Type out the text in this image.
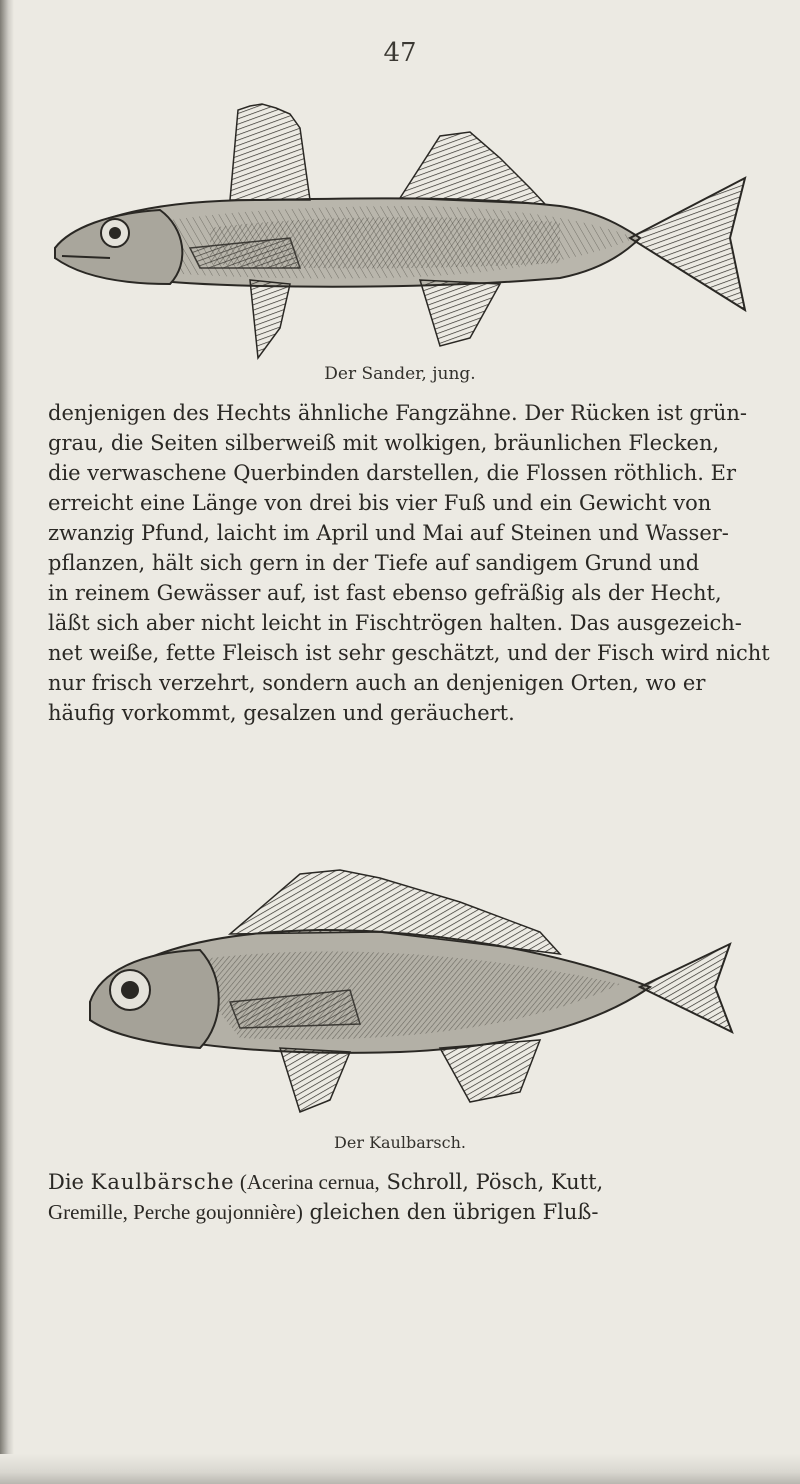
47
Der Sander, jung.
denjenigen des Hechts ähnliche Fangzähne. Der Rücken ist grün-
grau, die Seiten silberweiß mit wolkigen, bräunlichen Flecken,
die verwaschene Querbinden darstellen, die Flossen röthlich. Er
erreicht eine Länge von drei bis vier Fuß und ein Gewicht von
zwanzig Pfund, laicht im April und Mai auf Steinen und Wasser-
pflanzen, hält sich gern in der Tiefe auf sandigem Grund und
in reinem Gewässer auf, ist fast ebenso gefräßig als der Hecht,
läßt sich aber nicht leicht in Fischtrögen halten. Das ausgezeich-
net weiße, fette Fleisch ist sehr geschätzt, und der Fisch wird nicht
nur frisch verzehrt, sondern auch an denjenigen Orten, wo er
häufig vorkommt, gesalzen und geräuchert.
Der Kaulbarsch.
Die Kaulbärsche (Acerina cernua, Schroll, Pösch, Kutt,
Gremille, Perche goujonnière) gleichen den übrigen Fluß-
